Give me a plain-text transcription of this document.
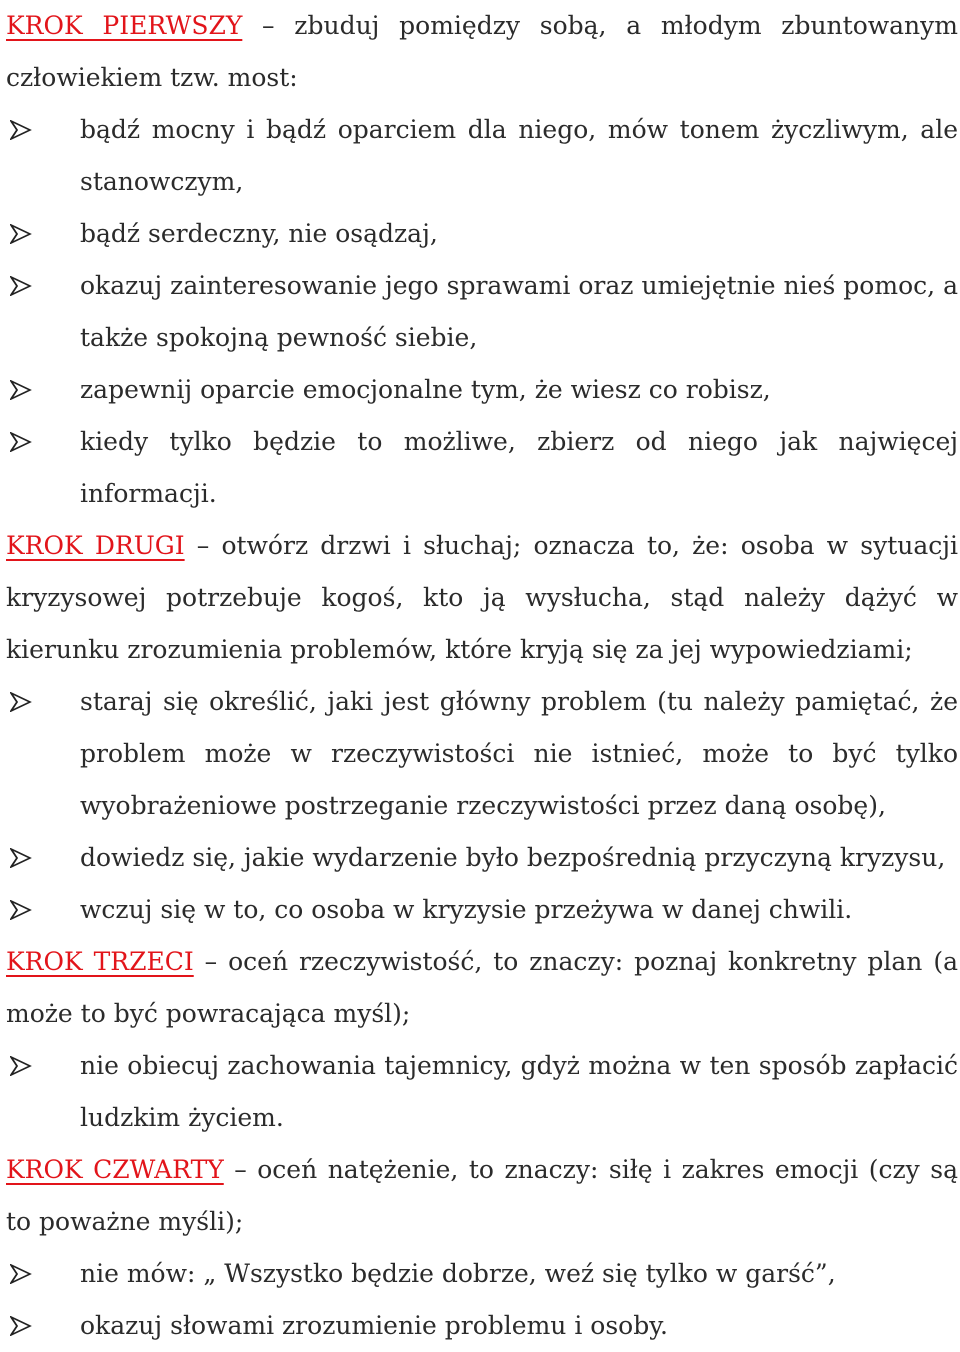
KROK PIERWSZY – zbuduj pomiędzy sobą, a młodym zbuntowanym człowiekiem tzw. most:

bądź mocny i bądź oparciem dla niego, mów tonem życzliwym, ale stanowczym,
bądź serdeczny, nie osądzaj,
okazuj zainteresowanie jego sprawami oraz umiejętnie nieś pomoc, a także spokojną pewność siebie,
zapewnij oparcie emocjonalne tym, że wiesz co robisz,
kiedy tylko będzie to możliwe, zbierz od niego jak najwięcej informacji.

KROK DRUGI – otwórz drzwi i słuchaj; oznacza to, że: osoba w sytuacji kryzysowej potrzebuje kogoś, kto ją wysłucha, stąd należy dążyć w kierunku zrozumienia problemów, które kryją się za jej wypowiedziami;

staraj się określić, jaki jest główny problem (tu należy pamiętać, że problem może w rzeczywistości nie istnieć, może to być tylko wyobrażeniowe postrzeganie rzeczywistości przez daną osobę),
dowiedz się, jakie wydarzenie było bezpośrednią przyczyną kryzysu,
wczuj się w to, co osoba w kryzysie przeżywa w danej chwili.

KROK TRZECI – oceń rzeczywistość, to znaczy: poznaj konkretny plan (a może to być powracająca myśl);

nie obiecuj zachowania tajemnicy, gdyż można w ten sposób zapłacić ludzkim życiem.

KROK CZWARTY – oceń natężenie, to znaczy: siłę i zakres emocji (czy są to poważne myśli);

nie mów: „ Wszystko będzie dobrze, weź się tylko w garść”,
okazuj słowami zrozumienie problemu i osoby.
